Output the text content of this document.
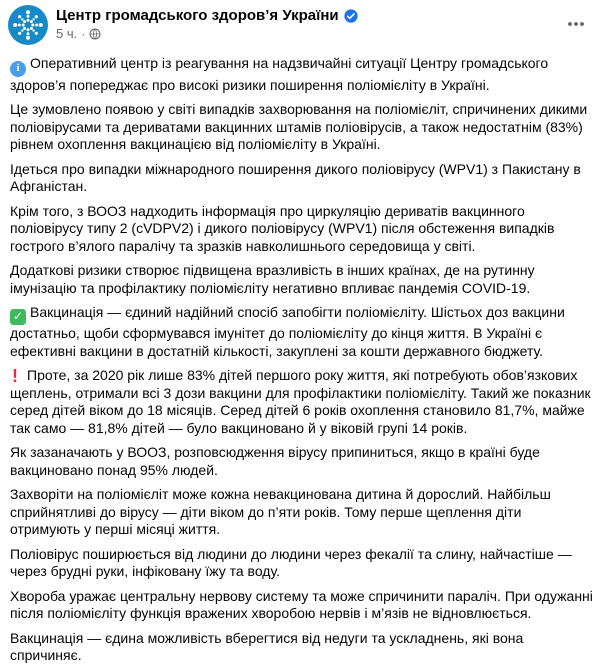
Центр громадського здоров’я України
5 ч. ·

i Оперативний центр із реагування на надзвичайні ситуації Центру громадського здоров’я попереджає про високі ризики поширення поліомієліту в Україні.

Це зумовлено появою у світі випадків захворювання на поліомієліт, спричинених дикими поліовірусами та дериватами вакцинних штамів поліовірусів, а також недостатнім (83%) рівнем охоплення вакцинацією від поліомієліту в Україні.

Ідеться про випадки міжнародного поширення дикого поліовірусу (WPV1) з Пакистану в Афганістан.

Крім того, з ВООЗ надходить інформація про циркуляцію дериватів вакцинного поліовірусу типу 2 (cVDPV2) і дикого поліовірусу (WPV1) після обстеження випадків гострого в’ялого паралічу та зразків навколишнього середовища у світі.

Додаткові ризики створює підвищена вразливість в інших країнах, де на рутинну імунізацію та профілактику поліомієліту негативно впливає пандемія COVID-19.

✓ Вакцинація — єдиний надійний спосіб запобігти поліомієліту. Шістьох доз вакцини достатньо, щоби сформувався імунітет до поліомієліту до кінця життя. В Україні є ефективні вакцини в достатній кількості, закуплені за кошти державного бюджету.

! Проте, за 2020 рік лише 83% дітей першого року життя, які потребують обов’язкових щеплень, отримали всі 3 дози вакцини для профілактики поліомієліту. Такий же показник серед дітей віком до 18 місяців. Серед дітей 6 років охоплення становило 81,7%, майже так само — 81,8% дітей — було вакциновано й у віковій групі 14 років.

Як зазаначають у ВООЗ, розповсюдження вірусу припиниться, якщо в країні буде вакциновано понад 95% людей.

Захворіти на поліомієліт може кожна невакцинована дитина й дорослий. Найбільш сприйнятливі до вірусу — діти віком до п’яти років. Тому перше щеплення діти отримують у перші місяці життя.

Поліовірус поширюється від людини до людини через фекалії та слину, найчастіше — через брудні руки, інфіковану їжу та воду.

Хвороба уражає центральну нервову систему та може спричинити параліч. При одужанні після поліомієліту функція вражених хворобою нервів і м’язів не відновлюється.

Вакцинація — єдина можливість вберегтися від недуги та ускладнень, які вона спричиняє.
